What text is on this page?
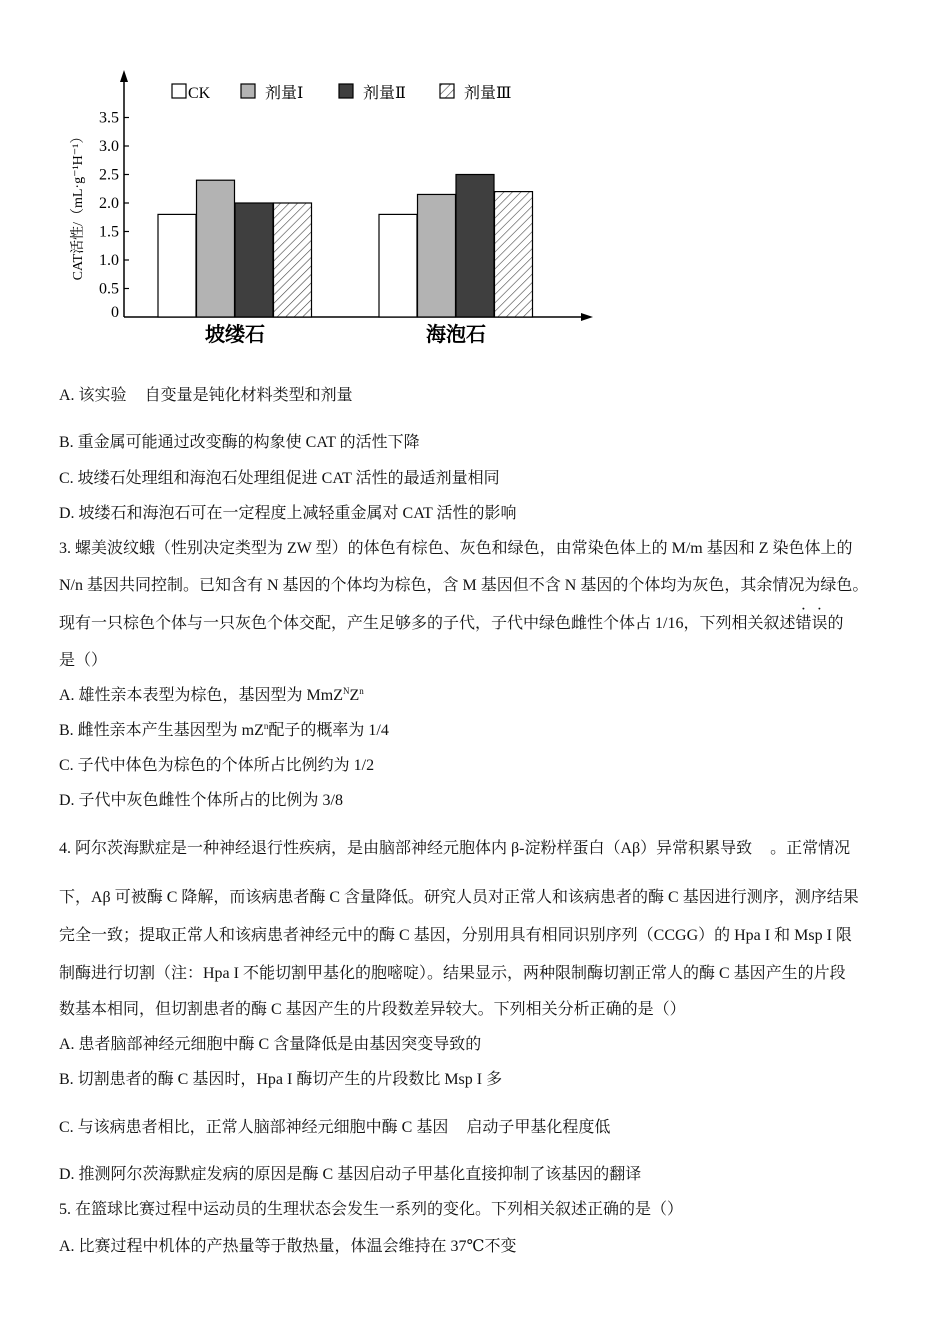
0
0.5
1.0
1.5
2.0
2.5
3.0
3.5
坡缕石	海泡石
CK	剂量Ⅰ	剂量Ⅱ	剂量Ⅲ
CAT活性/（mL·g⁻¹H⁻¹）
A. 该实验 自变量是钝化材料类型和剂量
B. 重金属可能通过改变酶的构象使 CAT 的活性下降
C. 坡缕石处理组和海泡石处理组促进 CAT 活性的最适剂量相同
D. 坡缕石和海泡石可在一定程度上减轻重金属对 CAT 活性的影响
3. 螺美波纹蛾（性别决定类型为 ZW 型）的体色有棕色、灰色和绿色，由常染色体上的 M/m 基因和 Z 染色体上的
N/n 基因共同控制。已知含有 N 基因的个体均为棕色，含 M 基因但不含 N 基因的个体均为灰色，其余情况为绿色。
现有一只棕色个体与一只灰色个体交配，产生足够多的子代，子代中绿色雌性个体占 1/16，下列相关叙述错误的
是（）
A. 雄性亲本表型为棕色，基因型为 $MmZ^NZ^n$
B. 雌性亲本产生基因型为 $mZ^n$配子的概率为 1/4
C. 子代中体色为棕色的个体所占比例约为 1/2
D. 子代中灰色雌性个体所占的比例为 3/8
4. 阿尔茨海默症是一种神经退行性疾病，是由脑部神经元胞体内 β-淀粉样蛋白（Aβ）异常积累导致 。正常情况
下，Aβ 可被酶 C 降解，而该病患者酶 C 含量降低。研究人员对正常人和该病患者的酶 C 基因进行测序，测序结果
完全一致；提取正常人和该病患者神经元中的酶 C 基因，分别用具有相同识别序列（CCGG）的 Hpa I 和 Msp I 限
制酶进行切割（注：Hpa I 不能切割甲基化的胞嘧啶）。结果显示，两种限制酶切割正常人的酶 C 基因产生的片段
数基本相同，但切割患者的酶 C 基因产生的片段数差异较大。下列相关分析正确的是（）
A. 患者脑部神经元细胞中酶 C 含量降低是由基因突变导致的
B. 切割患者的酶 C 基因时，Hpa I 酶切产生的片段数比 Msp I 多
C. 与该病患者相比，正常人脑部神经元细胞中酶 C 基因 启动子甲基化程度低
D. 推测阿尔茨海默症发病的原因是酶 C 基因启动子甲基化直接抑制了该基因的翻译
5. 在篮球比赛过程中运动员的生理状态会发生一系列的变化。下列相关叙述正确的是（）
A. 比赛过程中机体的产热量等于散热量，体温会维持在 37℃不变
